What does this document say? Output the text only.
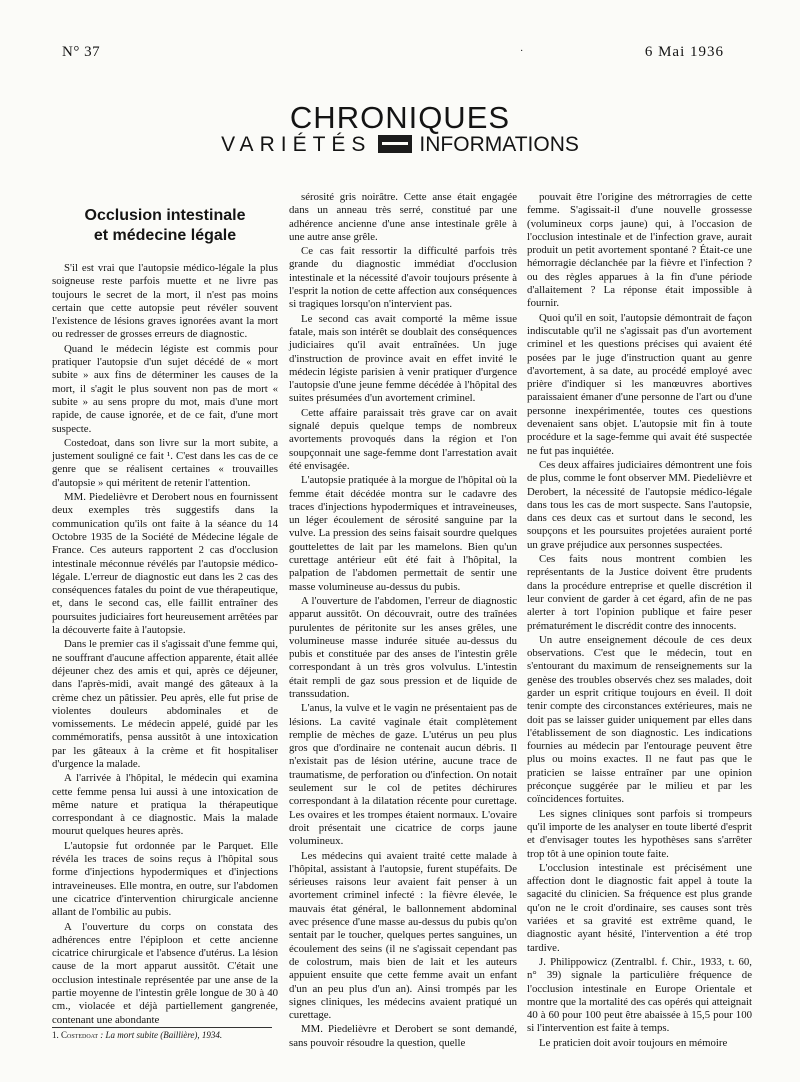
N° 37	·	6 Mai 1936
CHRONIQUES
VARIÉTÉS INFORMATIONS
Occlusion intestinale
et médecine légale

S'il est vrai que l'autopsie médico-légale la plus soigneuse reste parfois muette et ne livre pas toujours le secret de la mort, il n'est pas moins certain que cette autopsie peut révéler souvent l'existence de lésions graves ignorées avant la mort ou redresser de grosses erreurs de diagnostic.

Quand le médecin légiste est commis pour pratiquer l'autopsie d'un sujet décédé de « mort subite » aux fins de déterminer les causes de la mort, il s'agit le plus souvent non pas de mort « subite » au sens propre du mot, mais d'une mort rapide, de cause ignorée, et de ce fait, d'une mort suspecte.

Costedoat, dans son livre sur la mort subite, a justement souligné ce fait ¹. C'est dans les cas de ce genre que se réalisent certaines « trouvailles d'autopsie » qui méritent de retenir l'attention.

MM. Piedelièvre et Derobert nous en fournissent deux exemples très suggestifs dans la communication qu'ils ont faite à la séance du 14 Octobre 1935 de la Société de Médecine légale de France. Ces auteurs rapportent 2 cas d'occlusion intestinale méconnue révélés par l'autopsie médico-légale. L'erreur de diagnostic eut dans les 2 cas des conséquences fatales du point de vue thérapeutique, et, dans le second cas, elle faillit entraîner des poursuites judiciaires fort heureusement arrêtées par la découverte faite à l'autopsie.

Dans le premier cas il s'agissait d'une femme qui, ne souffrant d'aucune affection apparente, était allée déjeuner chez des amis et qui, après ce déjeuner, dans l'après-midi, avait mangé des gâteaux à la crème chez un pâtissier. Peu après, elle fut prise de violentes douleurs abdominales et de vomissements. Le médecin appelé, guidé par les commémoratifs, pensa aussitôt à une intoxication par les gâteaux à la crème et fit hospitaliser d'urgence la malade.

A l'arrivée à l'hôpital, le médecin qui examina cette femme pensa lui aussi à une intoxication de même nature et pratiqua la thérapeutique correspondant à ce diagnostic. Mais la malade mourut quelques heures après.

L'autopsie fut ordonnée par le Parquet. Elle révéla les traces de soins reçus à l'hôpital sous forme d'injections hypodermiques et d'injections intraveineuses. Elle montra, en outre, sur l'abdomen une cicatrice d'intervention chirurgicale ancienne allant de l'ombilic au pubis.

A l'ouverture du corps on constata des adhérences entre l'épiploon et cette ancienne cicatrice chirurgicale et l'absence d'utérus. La lésion cause de la mort apparut aussitôt. C'était une occlusion intestinale représentée par une anse de la partie moyenne de l'intestin grêle longue de 30 à 40 cm., violacée et déjà partiellement gangrenée, contenant une abondante

sérosité gris noirâtre. Cette anse était engagée dans un anneau très serré, constitué par une adhérence ancienne d'une anse intestinale grêle à une autre anse grêle.

Ce cas fait ressortir la difficulté parfois très grande du diagnostic immédiat d'occlusion intestinale et la nécessité d'avoir toujours présente à l'esprit la notion de cette affection aux conséquences si tragiques lorsqu'on n'intervient pas.

Le second cas avait comporté la même issue fatale, mais son intérêt se doublait des conséquences judiciaires qu'il avait entraînées. Un juge d'instruction de province avait en effet invité le médecin légiste parisien à venir pratiquer d'urgence l'autopsie d'une jeune femme décédée à l'hôpital des suites présumées d'un avortement criminel.

Cette affaire paraissait très grave car on avait signalé depuis quelque temps de nombreux avortements provoqués dans la région et l'on soupçonnait une sage-femme dont l'arrestation avait été envisagée.

L'autopsie pratiquée à la morgue de l'hôpital où la femme était décédée montra sur le cadavre des traces d'injections hypodermiques et intraveineuses, un léger écoulement de sérosité sanguine par la vulve. La pression des seins faisait sourdre quelques gouttelettes de lait par les mamelons. Bien qu'un curettage antérieur eût été fait à l'hôpital, la palpation de l'abdomen permettait de sentir une masse volumineuse au-dessus du pubis.

A l'ouverture de l'abdomen, l'erreur de diagnostic apparut aussitôt. On découvrait, outre des traînées purulentes de péritonite sur les anses grêles, une volumineuse masse indurée située au-dessus du pubis et constituée par des anses de l'intestin grêle correspondant à un très gros volvulus. L'intestin était rempli de gaz sous pression et de liquide de transsudation.

L'anus, la vulve et le vagin ne présentaient pas de lésions. La cavité vaginale était complètement remplie de mèches de gaze. L'utérus un peu plus gros que d'ordinaire ne contenait aucun débris. Il n'existait pas de lésion utérine, aucune trace de traumatisme, de perforation ou d'infection. On notait seulement sur le col de petites déchirures correspondant à la dilatation récente pour curettage. Les ovaires et les trompes étaient normaux. L'ovaire droit présentait une cicatrice de corps jaune volumineux.

Les médecins qui avaient traité cette malade à l'hôpital, assistant à l'autopsie, furent stupéfaits. De sérieuses raisons leur avaient fait penser à un avortement criminel infecté : la fièvre élevée, le mauvais état général, le ballonnement abdominal avec présence d'une masse au-dessus du pubis qu'on sentait par le toucher, quelques pertes sanguines, un écoulement des seins (il ne s'agissait cependant pas de colostrum, mais bien de lait et les auteurs appuient ensuite que cette femme avait un enfant d'un an peu plus d'un an). Ainsi trompés par les signes cliniques, les médecins avaient pratiqué un curettage.

MM. Piedelièvre et Derobert se sont demandé, sans pouvoir résoudre la question, quelle

pouvait être l'origine des métrorragies de cette femme. S'agissait-il d'une nouvelle grossesse (volumineux corps jaune) qui, à l'occasion de l'occlusion intestinale et de l'infection grave, aurait produit un petit avortement spontané ? Était-ce une hémorragie déclanchée par la fièvre et l'infection ? ou des règles apparues à la fin d'une période d'allaitement ? La réponse était impossible à fournir.

Quoi qu'il en soit, l'autopsie démontrait de façon indiscutable qu'il ne s'agissait pas d'un avortement criminel et les questions précises qui avaient été posées par le juge d'instruction quant au genre d'avortement, à sa date, au procédé employé avec prière d'indiquer si les manœuvres abortives paraissaient émaner d'une personne de l'art ou d'une personne inexpérimentée, toutes ces questions devenaient sans objet. L'autopsie mit fin à toute procédure et la sage-femme qui avait été suspectée ne fut pas inquiétée.

Ces deux affaires judiciaires démontrent une fois de plus, comme le font observer MM. Piedelièvre et Derobert, la nécessité de l'autopsie médico-légale dans tous les cas de mort suspecte. Sans l'autopsie, dans ces deux cas et surtout dans le second, les soupçons et les poursuites projetées auraient porté un grave préjudice aux personnes suspectées.

Ces faits nous montrent combien les représentants de la Justice doivent être prudents dans la procédure entreprise et quelle discrétion il leur convient de garder à cet égard, afin de ne pas alerter à tort l'opinion publique et faire peser prématurément le discrédit contre des innocents.

Un autre enseignement découle de ces deux observations. C'est que le médecin, tout en s'entourant du maximum de renseignements sur la genèse des troubles observés chez ses malades, doit garder un esprit critique toujours en éveil. Il doit tenir compte des circonstances extérieures, mais ne doit pas se laisser guider uniquement par elles dans l'établissement de son diagnostic. Les indications fournies au médecin par l'entourage peuvent être plus ou moins exactes. Il ne faut pas que le praticien se laisse entraîner par une opinion préconçue suggérée par le milieu et par les coïncidences fortuites.

Les signes cliniques sont parfois si trompeurs qu'il importe de les analyser en toute liberté d'esprit et d'envisager toutes les hypothèses sans s'arrêter trop tôt à une opinion toute faite.

L'occlusion intestinale est précisément une affection dont le diagnostic fait appel à toute la sagacité du clinicien. Sa fréquence est plus grande qu'on ne le croit d'ordinaire, ses causes sont très variées et sa gravité est extrême quand, le diagnostic ayant hésité, l'intervention a été trop tardive.

J. Philippowicz (Zentralbl. f. Chir., 1933, t. 60, n° 39) signale la particulière fréquence de l'occlusion intestinale en Europe Orientale et montre que la mortalité des cas opérés qui atteignait 40 à 60 pour 100 peut être abaissée à 15,5 pour 100 si l'intervention est faite à temps.

Le praticien doit avoir toujours en mémoire

1. Costedoat : La mort subite (Baillière), 1934.
